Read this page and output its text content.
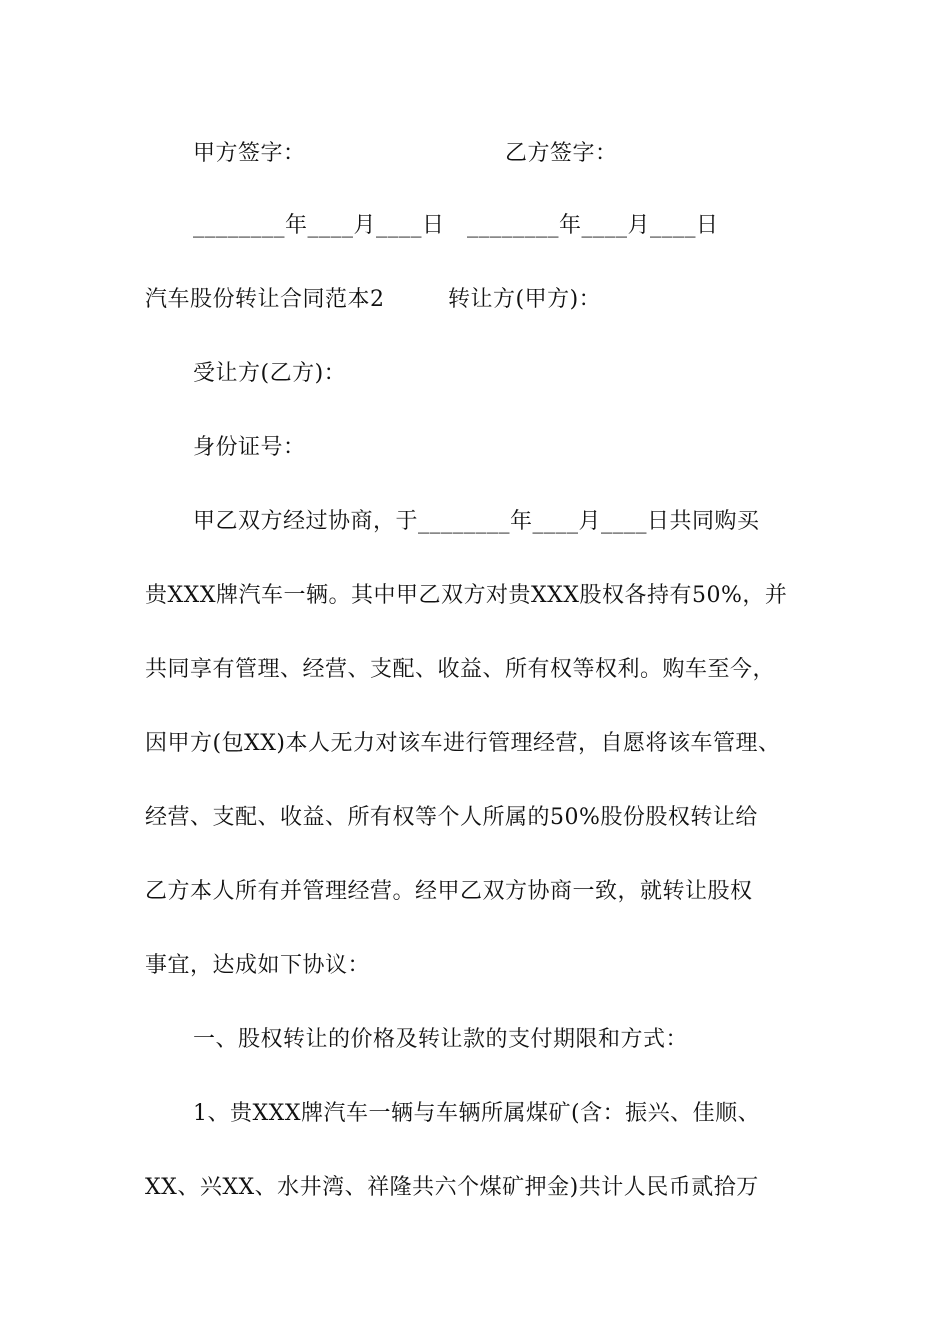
甲方签字：	乙方签字：
________年____月____日 ________年____月____日
汽车股份转让合同范本2	转让方(甲方)：
受让方(乙方)：
身份证号：
甲乙双方经过协商，于________年____月____日共同购买
贵XXX牌汽车一辆。其中甲乙双方对贵XXX股权各持有50%，并
共同享有管理、经营、支配、收益、所有权等权利。购车至今，
因甲方(包XX)本人无力对该车进行管理经营，自愿将该车管理、
经营、支配、收益、所有权等个人所属的50%股份股权转让给
乙方本人所有并管理经营。经甲乙双方协商一致，就转让股权
事宜，达成如下协议：
一、股权转让的价格及转让款的支付期限和方式：
1、贵XXX牌汽车一辆与车辆所属煤矿(含：振兴、佳顺、
XX、兴XX、水井湾、祥隆共六个煤矿押金)共计人民币贰拾万
